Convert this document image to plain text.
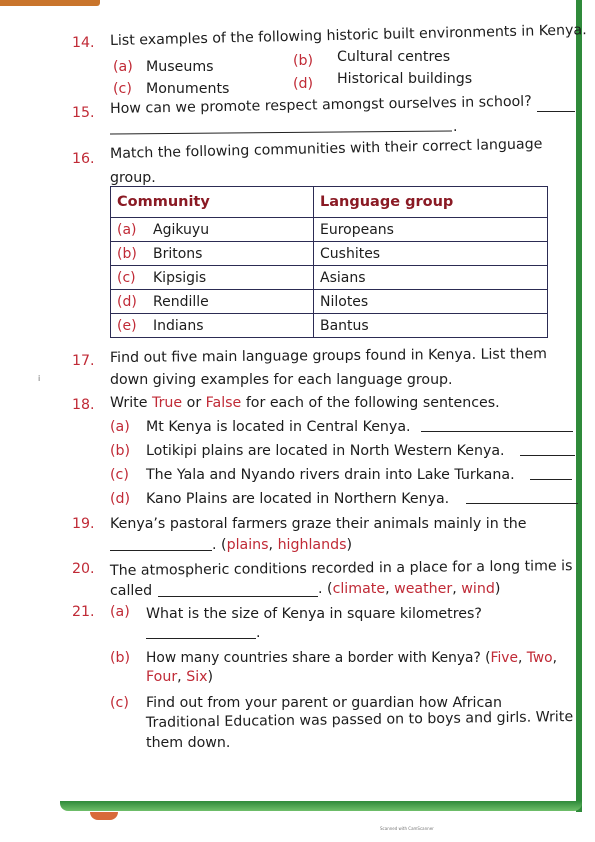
i
14. List examples of the following historic built environments in Kenya.
(a) Museums	(b) Cultural centres
(c) Monuments	(d) Historical buildings
15. How can we promote respect amongst ourselves in school?
.
16. Match the following communities with their correct language
group.
Community	Language group
(a) Agikuyu	Europeans
(b) Britons	Cushites
(c) Kipsigis	Asians
(d) Rendille	Nilotes
(e) Indians	Bantus
17. Find out five main language groups found in Kenya. List them
down giving examples for each language group.
18. Write True or False for each of the following sentences.
(a) Mt Kenya is located in Central Kenya.
(b) Lotikipi plains are located in North Western Kenya.
(c) The Yala and Nyando rivers drain into Lake Turkana.
(d) Kano Plains are located in Northern Kenya.
19. Kenya’s pastoral farmers graze their animals mainly in the
. (plains, highlands)
20. The atmospheric conditions recorded in a place for a long time is
called	. (climate, weather, wind)
21. (a) What is the size of Kenya in square kilometres?
.
(b) How many countries share a border with Kenya? (Five, Two,
Four, Six)
(c) Find out from your parent or guardian how African
Traditional Education was passed on to boys and girls. Write
them down.
Scanned with CamScanner
